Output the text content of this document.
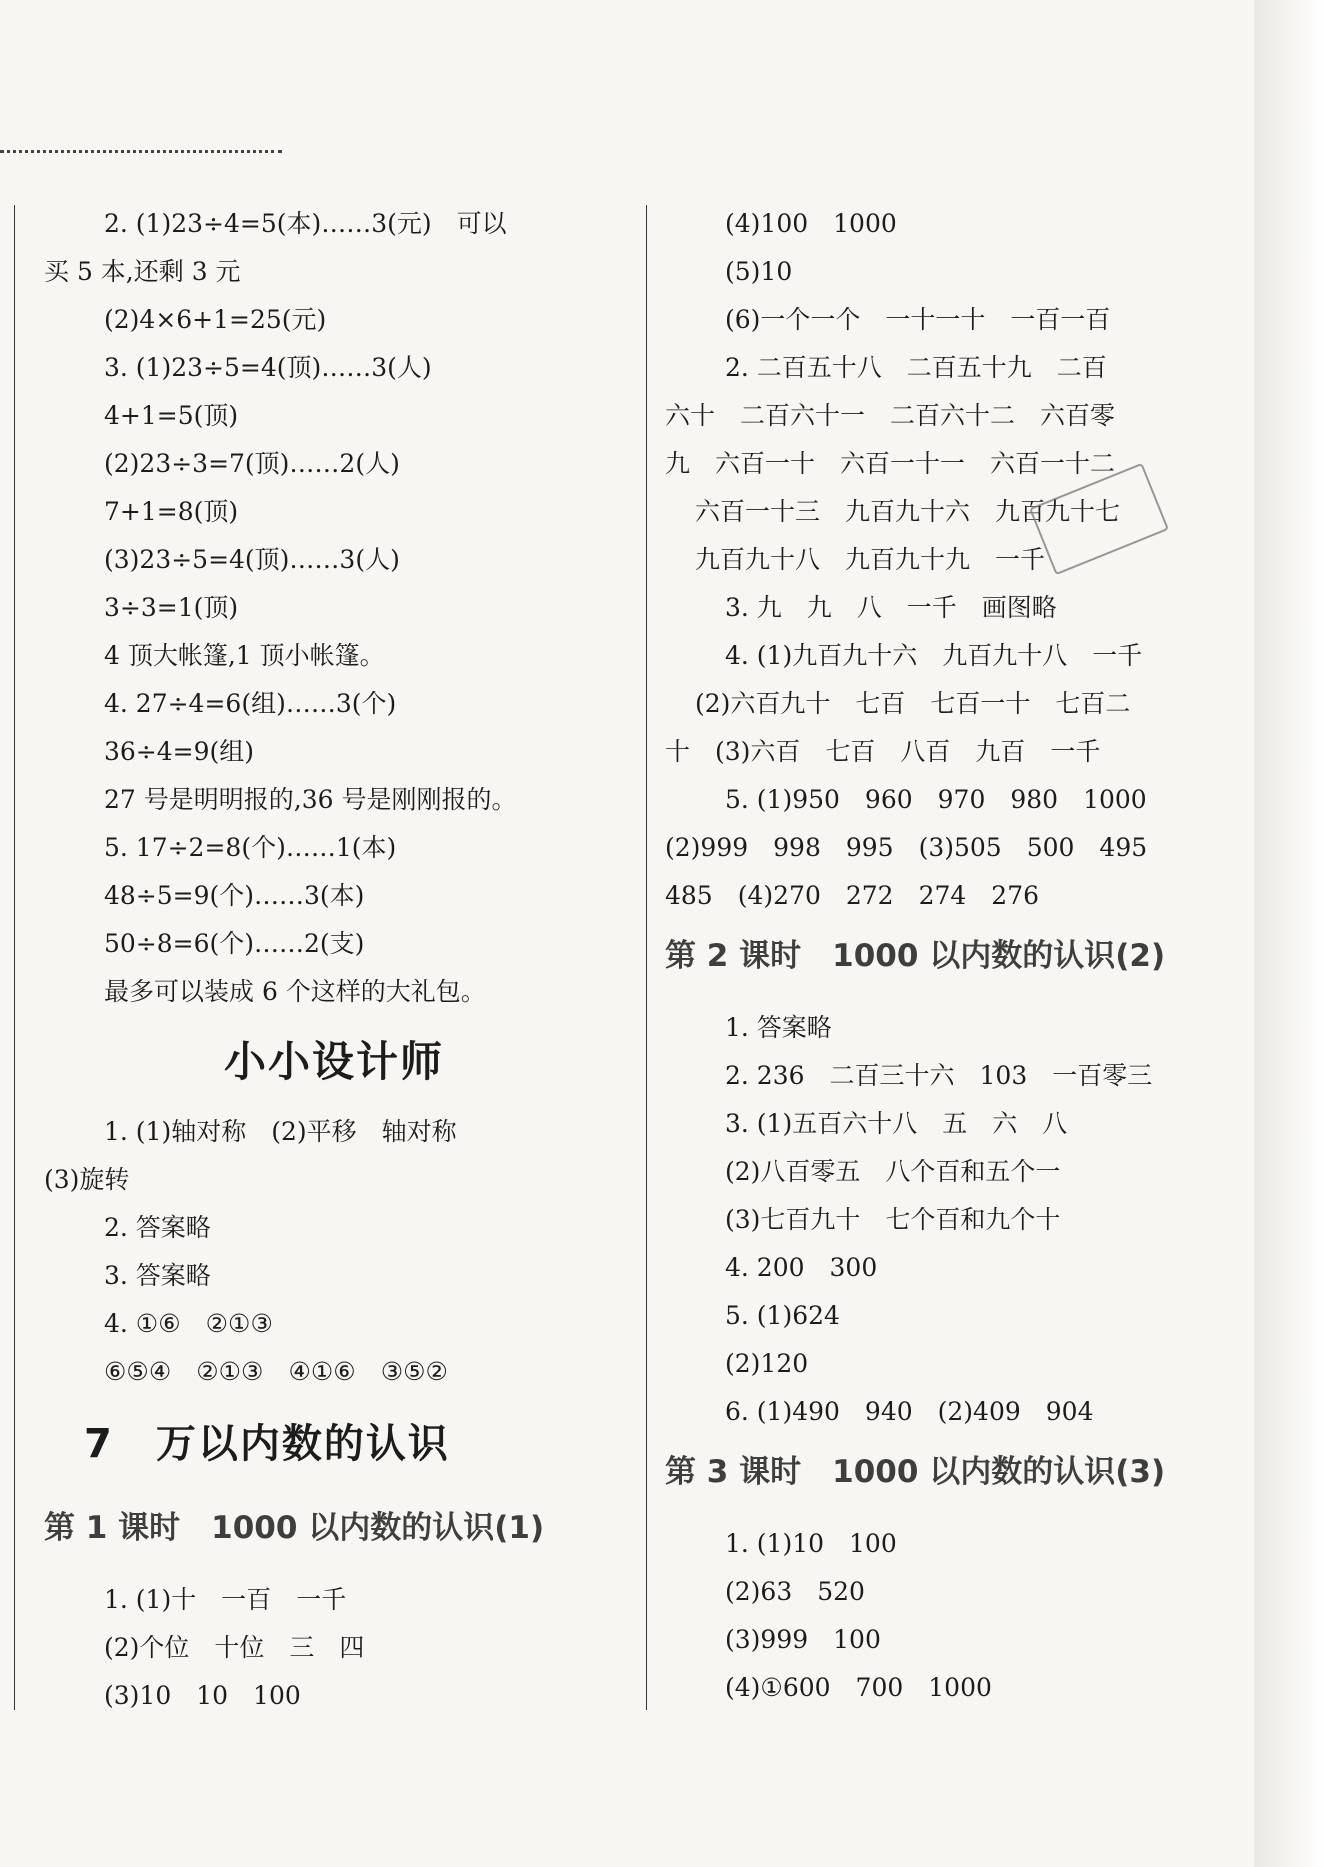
2. (1)23÷4=5(本)……3(元)　可以
买 5 本,还剩 3 元
(2)4×6+1=25(元)
3. (1)23÷5=4(顶)……3(人)
4+1=5(顶)
(2)23÷3=7(顶)……2(人)
7+1=8(顶)
(3)23÷5=4(顶)……3(人)
3÷3=1(顶)
4 顶大帐篷,1 顶小帐篷。
4. 27÷4=6(组)……3(个)
36÷4=9(组)
27 号是明明报的,36 号是刚刚报的。
5. 17÷2=8(个)……1(本)
48÷5=9(个)……3(本)
50÷8=6(个)……2(支)
最多可以装成 6 个这样的大礼包。
小小设计师
1. (1)轴对称　(2)平移　轴对称
(3)旋转
2. 答案略
3. 答案略
4. ①⑥　②①③
⑥⑤④　②①③　④①⑥　③⑤②
7　万以内数的认识
第 1 课时　1000 以内数的认识(1)
1. (1)十　一百　一千
(2)个位　十位　三　四
(3)10　10　100
(4)100　1000
(5)10
(6)一个一个　一十一十　一百一百
2. 二百五十八　二百五十九　二百
六十　二百六十一　二百六十二　六百零
九　六百一十　六百一十一　六百一十二
六百一十三　九百九十六　九百九十七
九百九十八　九百九十九　一千
3. 九　九　八　一千　画图略
4. (1)九百九十六　九百九十八　一千
(2)六百九十　七百　七百一十　七百二
十　(3)六百　七百　八百　九百　一千
5. (1)950　960　970　980　1000
(2)999　998　995　(3)505　500　495
485　(4)270　272　274　276
第 2 课时　1000 以内数的认识(2)
1. 答案略
2. 236　二百三十六　103　一百零三
3. (1)五百六十八　五　六　八
(2)八百零五　八个百和五个一
(3)七百九十　七个百和九个十
4. 200　300
5. (1)624
(2)120
6. (1)490　940　(2)409　904
第 3 课时　1000 以内数的认识(3)
1. (1)10　100
(2)63　520
(3)999　100
(4)①600　700　1000
